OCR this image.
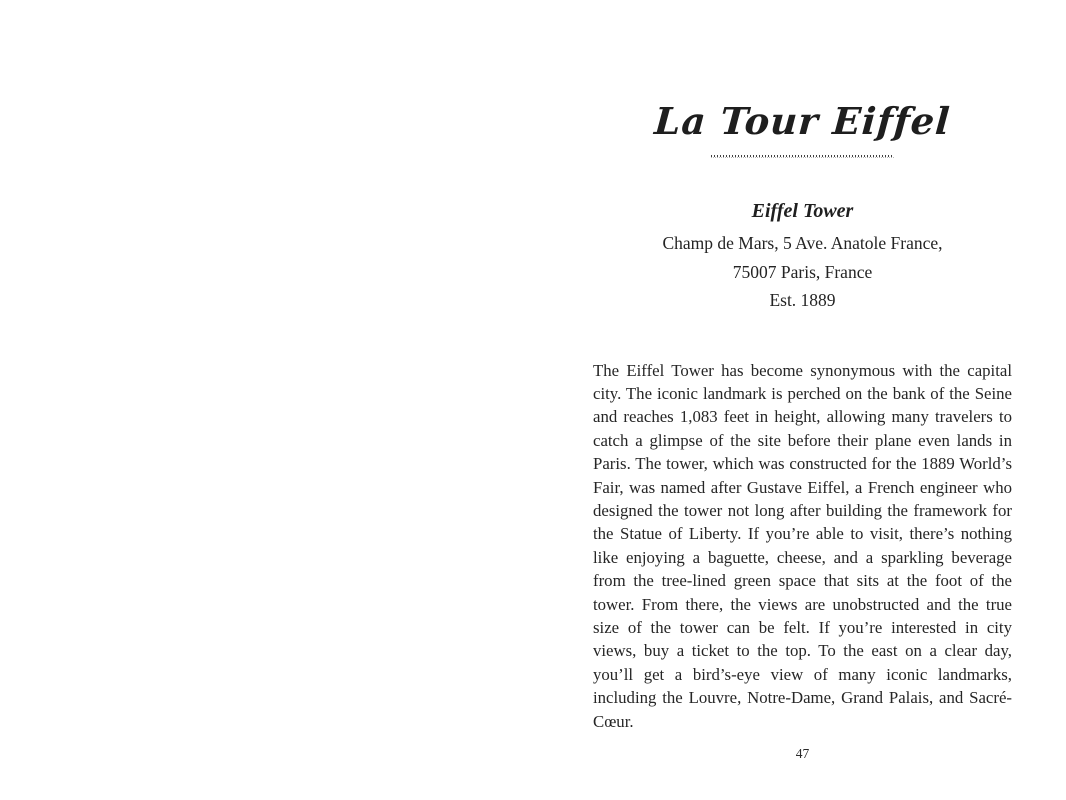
La Tour Eiffel
Eiffel Tower
Champ de Mars, 5 Ave. Anatole France,
75007 Paris, France
Est. 1889

The Eiffel Tower has become synonymous with the capital city. The iconic landmark is perched on the bank of the Seine and reaches 1,083 feet in height, allowing many travelers to catch a glimpse of the site before their plane even lands in Paris. The tower, which was constructed for the 1889 World’s Fair, was named after Gustave Eiffel, a French engineer who designed the tower not long after building the framework for the Statue of Liberty. If you’re able to visit, there’s nothing like enjoying a baguette, cheese, and a sparkling beverage from the tree-lined green space that sits at the foot of the tower. From there, the views are unobstructed and the true size of the tower can be felt. If you’re interested in city views, buy a ticket to the top. To the east on a clear day, you’ll get a bird’s-eye view of many iconic landmarks, including the Louvre, Notre-Dame, Grand Palais, and Sacré-Cœur.

47
